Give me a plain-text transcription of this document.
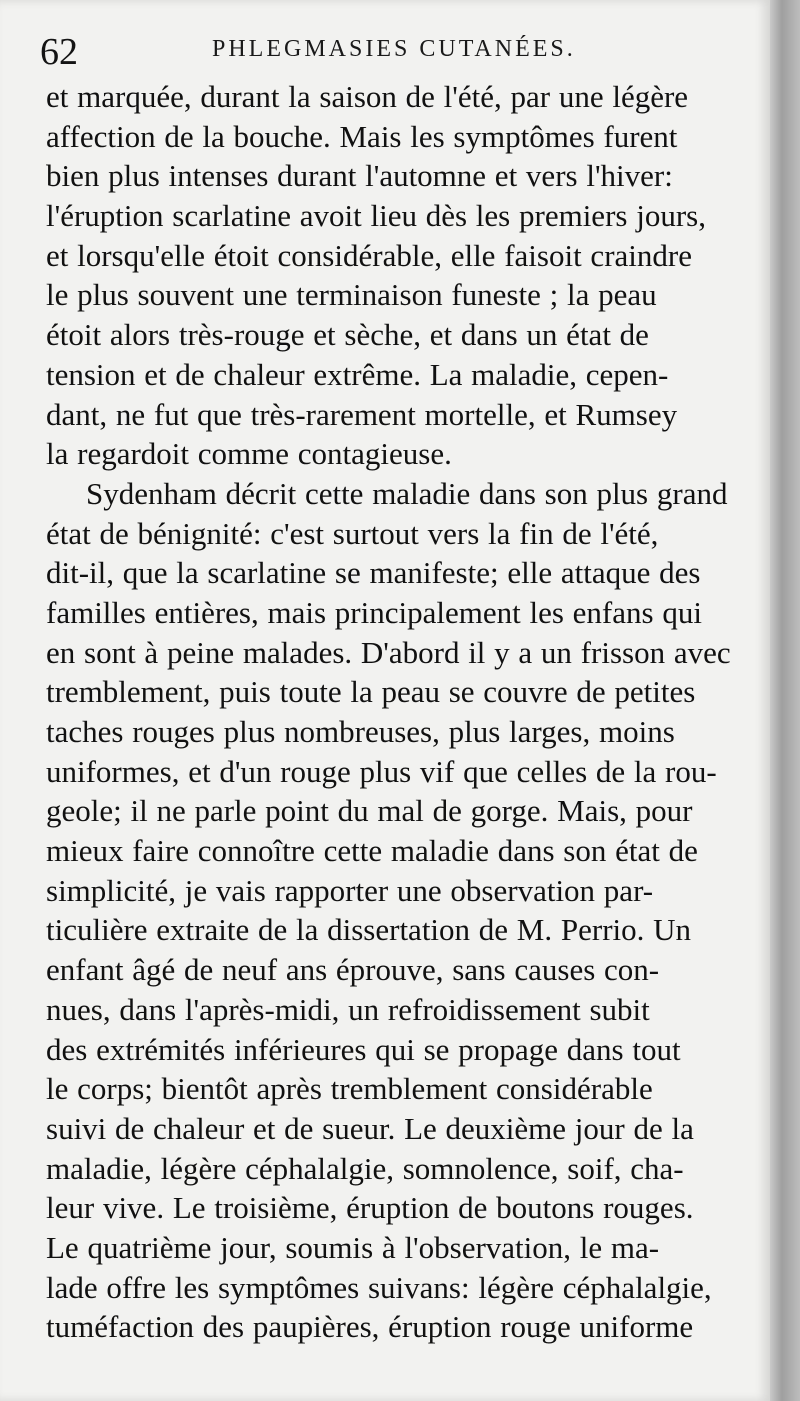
62	PHLEGMASIES CUTANÉES.
et marquée, durant la saison de l'été, par une légère
affection de la bouche. Mais les symptômes furent
bien plus intenses durant l'automne et vers l'hiver:
l'éruption scarlatine avoit lieu dès les premiers jours,
et lorsqu'elle étoit considérable, elle faisoit craindre
le plus souvent une terminaison funeste ; la peau
étoit alors très-rouge et sèche, et dans un état de
tension et de chaleur extrême. La maladie, cepen-
dant, ne fut que très-rarement mortelle, et Rumsey
la regardoit comme contagieuse.
Sydenham décrit cette maladie dans son plus grand
état de bénignité: c'est surtout vers la fin de l'été,
dit-il, que la scarlatine se manifeste; elle attaque des
familles entières, mais principalement les enfans qui
en sont à peine malades. D'abord il y a un frisson avec
tremblement, puis toute la peau se couvre de petites
taches rouges plus nombreuses, plus larges, moins
uniformes, et d'un rouge plus vif que celles de la rou-
geole; il ne parle point du mal de gorge. Mais, pour
mieux faire connoître cette maladie dans son état de
simplicité, je vais rapporter une observation par-
ticulière extraite de la dissertation de M. Perrio. Un
enfant âgé de neuf ans éprouve, sans causes con-
nues, dans l'après-midi, un refroidissement subit
des extrémités inférieures qui se propage dans tout
le corps; bientôt après tremblement considérable
suivi de chaleur et de sueur. Le deuxième jour de la
maladie, légère céphalalgie, somnolence, soif, cha-
leur vive. Le troisième, éruption de boutons rouges.
Le quatrième jour, soumis à l'observation, le ma-
lade offre les symptômes suivans: légère céphalalgie,
tuméfaction des paupières, éruption rouge uniforme
